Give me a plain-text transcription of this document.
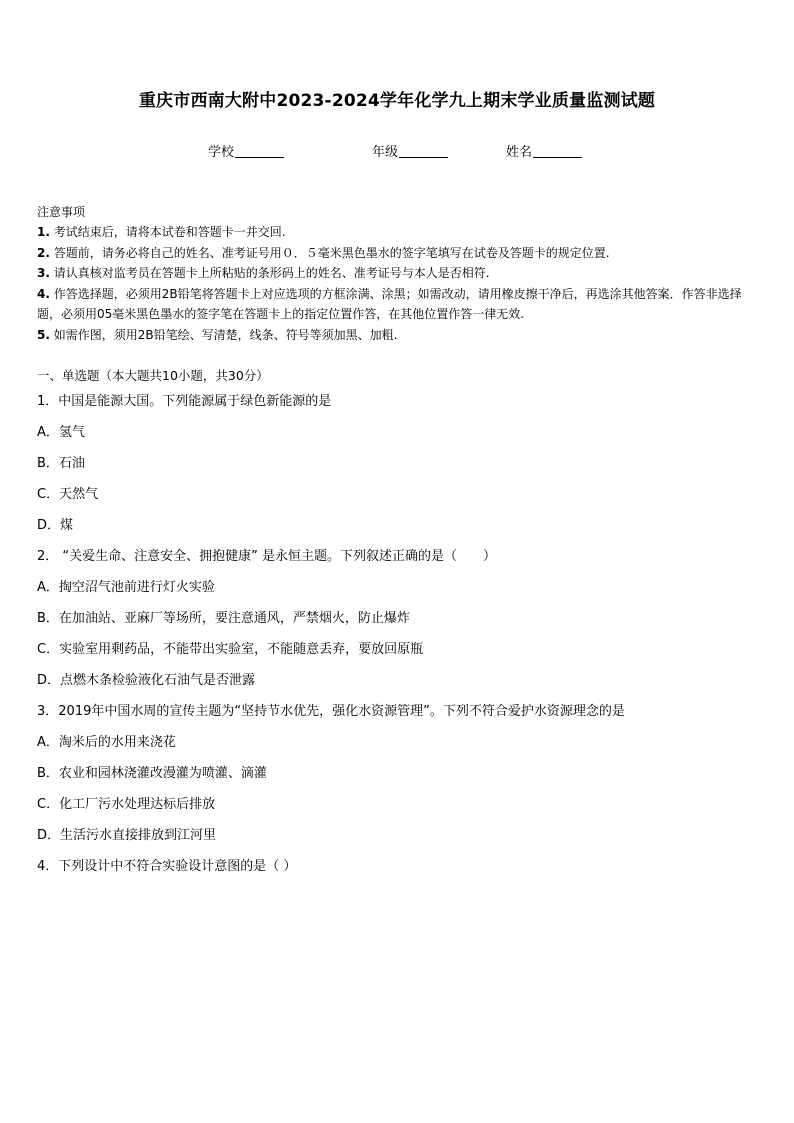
重庆市西南大附中2023-2024学年化学九上期末学业质量监测试题
学校	年级	姓名
注意事项

1. 考试结束后，请将本试卷和答题卡一并交回.

2. 答题前，请务必将自己的姓名、准考证号用０．５毫米黑色墨水的签字笔填写在试卷及答题卡的规定位置.

3. 请认真核对监考员在答题卡上所粘贴的条形码上的姓名、准考证号与本人是否相符.

4. 作答选择题，必须用2B铅笔将答题卡上对应选项的方框涂满、涂黑；如需改动，请用橡皮擦干净后，再选涂其他答案．作答非选择题，必须用05毫米黑色墨水的签字笔在答题卡上的指定位置作答，在其他位置作答一律无效.

5. 如需作图，须用2B铅笔绘、写清楚，线条、符号等须加黑、加粗.

一、单选题（本大题共10小题，共30分）
1．中国是能源大国。下列能源属于绿色新能源的是
A．氢气
B．石油
C．天然气
D．煤
2． “关爱生命、注意安全、拥抱健康” 是永恒主题。下列叙述正确的是（　　）
A．掏空沼气池前进行灯火实验
B．在加油站、亚麻厂等场所，要注意通风，严禁烟火，防止爆炸
C．实验室用剩药品，不能带出实验室，不能随意丢弃，要放回原瓶
D．点燃木条检验液化石油气是否泄露
3．2019年中国水周的宣传主题为“坚持节水优先，强化水资源管理”。下列不符合爱护水资源理念的是
A．淘米后的水用来浇花
B．农业和园林浇灌改漫灌为喷灌、滴灌
C．化工厂污水处理达标后排放
D．生活污水直接排放到江河里
4．下列设计中不符合实验设计意图的是（ ）
